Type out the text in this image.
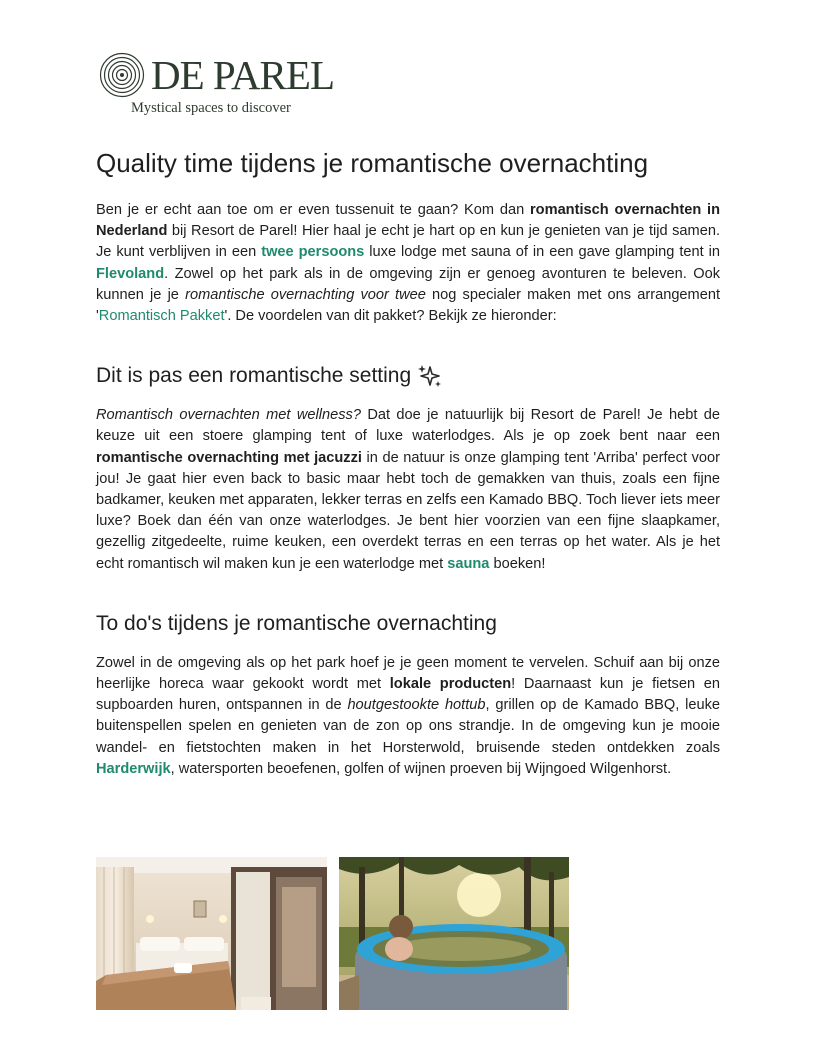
DE PAREL
Mystical spaces to discover
Quality time tijdens je romantische overnachting

Ben je er echt aan toe om er even tussenuit te gaan? Kom dan romantisch overnachten in Nederland bij Resort de Parel! Hier haal je echt je hart op en kun je genieten van je tijd samen. Je kunt verblijven in een twee persoons luxe lodge met sauna of in een gave glamping tent in Flevoland. Zowel op het park als in de omgeving zijn er genoeg avonturen te beleven. Ook kunnen je je romantische overnachting voor twee nog specialer maken met ons arrangement 'Romantisch Pakket'. De voordelen van dit pakket? Bekijk ze hieronder:

Dit is pas een romantische setting

Romantisch overnachten met wellness? Dat doe je natuurlijk bij Resort de Parel! Je hebt de keuze uit een stoere glamping tent of luxe waterlodges. Als je op zoek bent naar een romantische overnachting met jacuzzi in de natuur is onze glamping tent 'Arriba' perfect voor jou! Je gaat hier even back to basic maar hebt toch de gemakken van thuis, zoals een fijne badkamer, keuken met apparaten, lekker terras en zelfs een Kamado BBQ. Toch liever iets meer luxe? Boek dan één van onze waterlodges. Je bent hier voorzien van een fijne slaapkamer, gezellig zitgedeelte, ruime keuken, een overdekt terras en een terras op het water. Als je het echt romantisch wil maken kun je een waterlodge met sauna boeken!

To do's tijdens je romantische overnachting

Zowel in de omgeving als op het park hoef je je geen moment te vervelen. Schuif aan bij onze heerlijke horeca waar gekookt wordt met lokale producten! Daarnaast kun je fietsen en supboarden huren, ontspannen in de houtgestookte hottub, grillen op de Kamado BBQ, leuke buitenspellen spelen en genieten van de zon op ons strandje. In de omgeving kun je mooie wandel- en fietstochten maken in het Horsterwold, bruisende steden ontdekken zoals Harderwijk, watersporten beoefenen, golfen of wijnen proeven bij Wijngoed Wilgenhorst.
